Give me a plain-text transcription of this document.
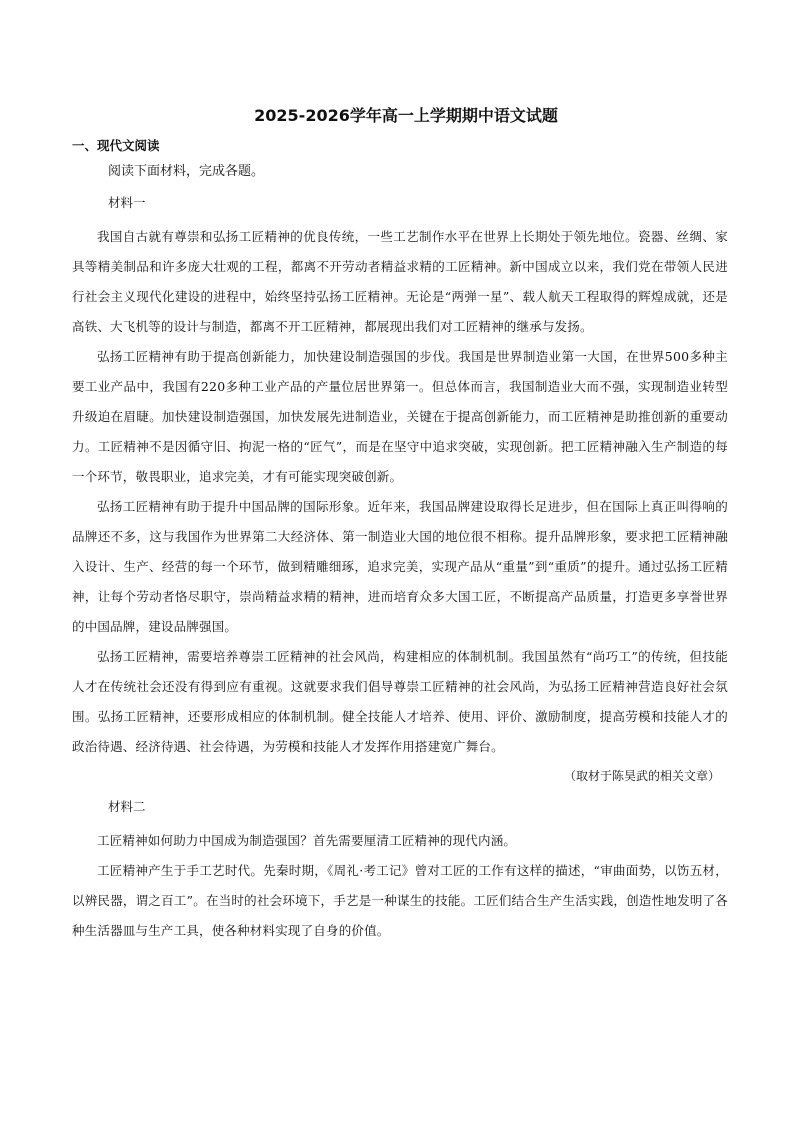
2025-2026学年高一上学期期中语文试题
一、现代文阅读
阅读下面材料，完成各题。
材料一

我国自古就有尊崇和弘扬工匠精神的优良传统，一些工艺制作水平在世界上长期处于领先地位。瓷器、丝绸、家具等精美制品和许多庞大壮观的工程，都离不开劳动者精益求精的工匠精神。新中国成立以来，我们党在带领人民进行社会主义现代化建设的进程中，始终坚持弘扬工匠精神。无论是“两弹一星”、载人航天工程取得的辉煌成就，还是高铁、大飞机等的设计与制造，都离不开工匠精神，都展现出我们对工匠精神的继承与发扬。

弘扬工匠精神有助于提高创新能力，加快建设制造强国的步伐。我国是世界制造业第一大国，在世界500多种主要工业产品中，我国有220多种工业产品的产量位居世界第一。但总体而言，我国制造业大而不强，实现制造业转型升级迫在眉睫。加快建设制造强国，加快发展先进制造业，关键在于提高创新能力，而工匠精神是助推创新的重要动力。工匠精神不是因循守旧、拘泥一格的“匠气”，而是在坚守中追求突破，实现创新。把工匠精神融入生产制造的每一个环节，敬畏职业，追求完美，才有可能实现突破创新。

弘扬工匠精神有助于提升中国品牌的国际形象。近年来，我国品牌建设取得长足进步，但在国际上真正叫得响的品牌还不多，这与我国作为世界第二大经济体、第一制造业大国的地位很不相称。提升品牌形象，要求把工匠精神融入设计、生产、经营的每一个环节，做到精雕细琢，追求完美，实现产品从“重量”到“重质”的提升。通过弘扬工匠精神，让每个劳动者恪尽职守，崇尚精益求精的精神，进而培育众多大国工匠，不断提高产品质量，打造更多享誉世界的中国品牌，建设品牌强国。

弘扬工匠精神，需要培养尊崇工匠精神的社会风尚，构建相应的体制机制。我国虽然有“尚巧工”的传统，但技能人才在传统社会还没有得到应有重视。这就要求我们倡导尊崇工匠精神的社会风尚，为弘扬工匠精神营造良好社会氛围。弘扬工匠精神，还要形成相应的体制机制。健全技能人才培养、使用、评价、激励制度，提高劳模和技能人才的政治待遇、经济待遇、社会待遇，为劳模和技能人才发挥作用搭建宽广舞台。

（取材于陈昊武的相关文章）
材料二

工匠精神如何助力中国成为制造强国？首先需要厘清工匠精神的现代内涵。

工匠精神产生于手工艺时代。先秦时期，《周礼·考工记》曾对工匠的工作有这样的描述，“审曲面势，以饬五材，以辨民器，谓之百工”。在当时的社会环境下，手艺是一种谋生的技能。工匠们结合生产生活实践，创造性地发明了各种生活器皿与生产工具，使各种材料实现了自身的价值。
